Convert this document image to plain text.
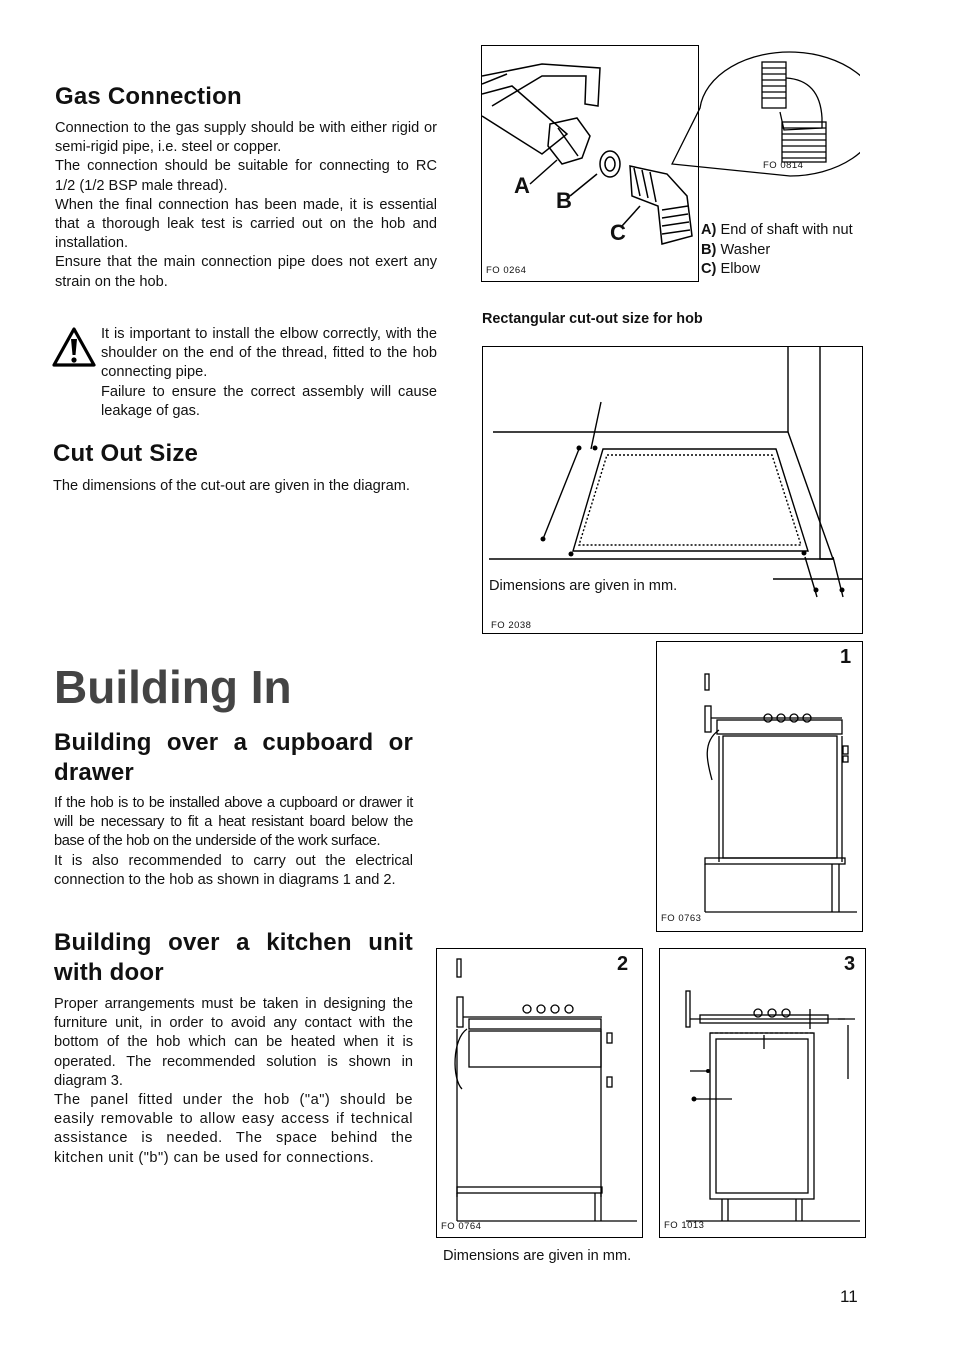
Gas Connection

Connection to the gas supply should be with either rigid or semi-rigid pipe, i.e. steel or copper.

The connection should be suitable for connecting to RC 1/2 (1/2 BSP male thread).

When the final connection has been made, it is essential that a thorough leak test is carried out on the hob and installation.

Ensure that the main connection pipe does not exert any strain on the hob.

It is important to install the elbow correctly, with the shoulder on the end of the thread, fitted to the hob connecting pipe.

Failure to ensure the correct assembly will cause leakage of gas.

Cut Out Size

The dimensions of the cut-out are given in the diagram.

Building In
Building over a cupboard or drawer

If the hob is to be installed above a cupboard or drawer it will be necessary to fit a heat resistant board below the base of the hob on the underside of the work surface.

It is also recommended to carry out the electrical connection to the hob as shown in diagrams 1 and 2.

Building over a kitchen unit with door

Proper arrangements must be taken in designing the furniture unit, in order to avoid any contact with the bottom of the hob which can be heated when it is operated. The recommended solution is shown in diagram 3.

The panel fitted under the hob ("a") should be easily removable to allow easy access if technical assistance is needed. The space behind the kitchen unit ("b") can be used for connections.

A
B
C
FO 0264
FO 0814
A) End of shaft with nut
B) Washer
C) Elbow
Rectangular cut-out size for hob
Dimensions are given in mm.
FO 2038
1
FO 0763
2
FO 0764
3
FO 1013
Dimensions are given in mm.
11
